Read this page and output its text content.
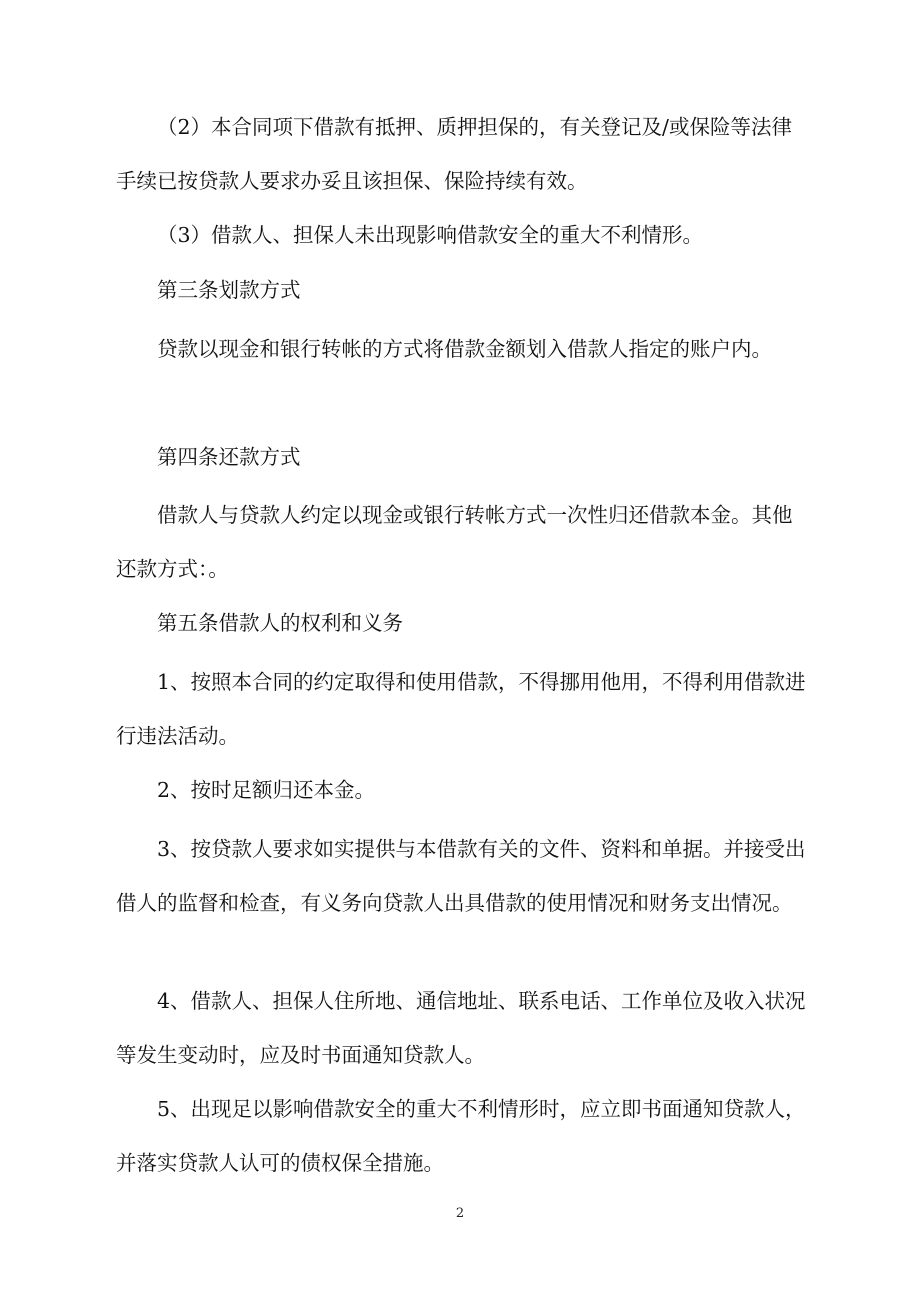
（2）本合同项下借款有抵押、质押担保的，有关登记及/或保险等法律手续已按贷款人要求办妥且该担保、保险持续有效。

（3）借款人、担保人未出现影响借款安全的重大不利情形。

第三条划款方式

贷款以现金和银行转帐的方式将借款金额划入借款人指定的账户内。

第四条还款方式

借款人与贷款人约定以现金或银行转帐方式一次性归还借款本金。其他还款方式：。

第五条借款人的权利和义务

1、按照本合同的约定取得和使用借款，不得挪用他用，不得利用借款进行违法活动。

2、按时足额归还本金。

3、按贷款人要求如实提供与本借款有关的文件、资料和单据。并接受出借人的监督和检查，有义务向贷款人出具借款的使用情况和财务支出情况。

4、借款人、担保人住所地、通信地址、联系电话、工作单位及收入状况等发生变动时，应及时书面通知贷款人。

5、出现足以影响借款安全的重大不利情形时，应立即书面通知贷款人，并落实贷款人认可的债权保全措施。

2
